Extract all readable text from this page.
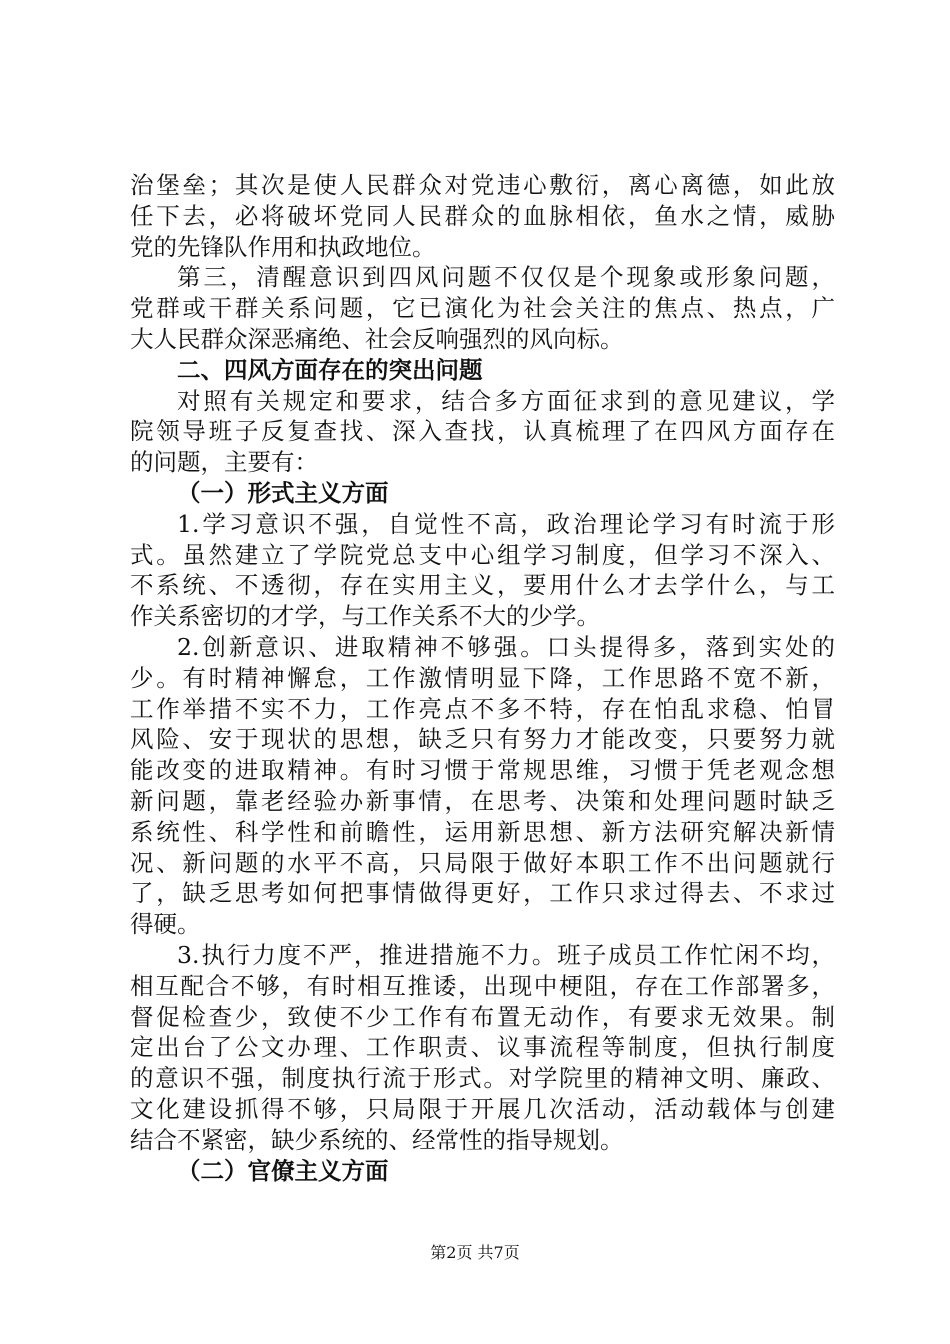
治堡垒；其次是使人民群众对党违心敷衍，离心离德，如此放
任下去，必将破坏党同人民群众的血脉相依，鱼水之情，威胁
党的先锋队作用和执政地位。
第三，清醒意识到四风问题不仅仅是个现象或形象问题，
党群或干群关系问题，它已演化为社会关注的焦点、热点，广
大人民群众深恶痛绝、社会反响强烈的风向标。
二、四风方面存在的突出问题
对照有关规定和要求，结合多方面征求到的意见建议，学
院领导班子反复查找、深入查找，认真梳理了在四风方面存在
的问题，主要有：
（一）形式主义方面
1.学习意识不强，自觉性不高，政治理论学习有时流于形
式。虽然建立了学院党总支中心组学习制度，但学习不深入、
不系统、不透彻，存在实用主义，要用什么才去学什么，与工
作关系密切的才学，与工作关系不大的少学。
2.创新意识、进取精神不够强。口头提得多，落到实处的
少。有时精神懈怠，工作激情明显下降，工作思路不宽不新，
工作举措不实不力，工作亮点不多不特，存在怕乱求稳、怕冒
风险、安于现状的思想，缺乏只有努力才能改变，只要努力就
能改变的进取精神。有时习惯于常规思维，习惯于凭老观念想
新问题，靠老经验办新事情，在思考、决策和处理问题时缺乏
系统性、科学性和前瞻性，运用新思想、新方法研究解决新情
况、新问题的水平不高，只局限于做好本职工作不出问题就行
了，缺乏思考如何把事情做得更好，工作只求过得去、不求过
得硬。
3.执行力度不严，推进措施不力。班子成员工作忙闲不均，
相互配合不够，有时相互推诿，出现中梗阻，存在工作部署多，
督促检查少，致使不少工作有布置无动作，有要求无效果。制
定出台了公文办理、工作职责、议事流程等制度，但执行制度
的意识不强，制度执行流于形式。对学院里的精神文明、廉政、
文化建设抓得不够，只局限于开展几次活动，活动载体与创建
结合不紧密，缺少系统的、经常性的指导规划。
（二）官僚主义方面
第2页 共7页
